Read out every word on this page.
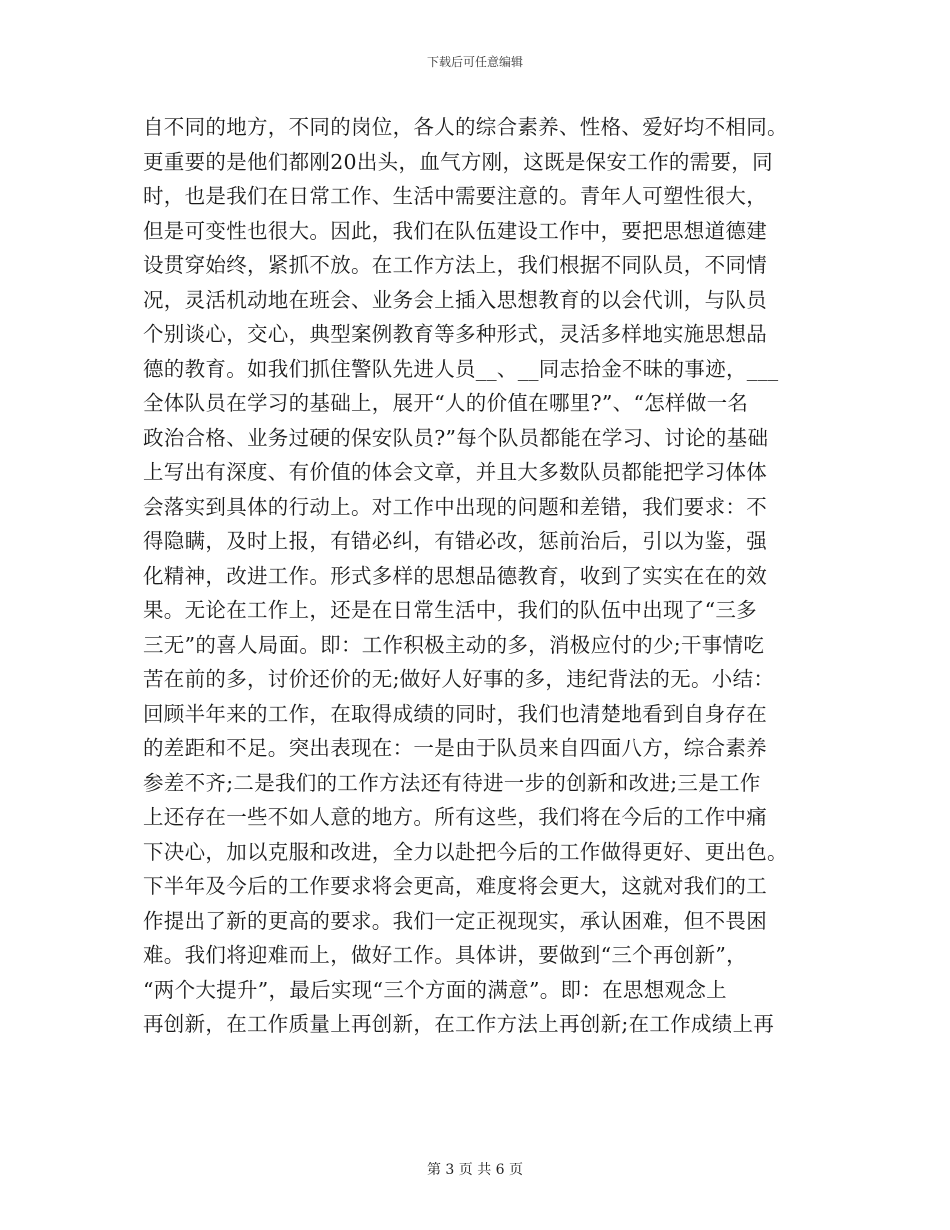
下载后可任意编辑
自不同的地方，不同的岗位，各人的综合素养、性格、爱好均不相同。
更重要的是他们都刚20出头，血气方刚，这既是保安工作的需要，同
时，也是我们在日常工作、生活中需要注意的。青年人可塑性很大，
但是可变性也很大。因此，我们在队伍建设工作中，要把思想道德建
设贯穿始终，紧抓不放。在工作方法上，我们根据不同队员，不同情
况，灵活机动地在班会、业务会上插入思想教育的以会代训，与队员
个别谈心，交心，典型案例教育等多种形式，灵活多样地实施思想品
德的教育。如我们抓住警队先进人员__、__同志拾金不昧的事迹，___
全体队员在学习的基础上，展开“人的价值在哪里?”、“怎样做一名
政治合格、业务过硬的保安队员?”每个队员都能在学习、讨论的基础
上写出有深度、有价值的体会文章，并且大多数队员都能把学习体体
会落实到具体的行动上。对工作中出现的问题和差错，我们要求：不
得隐瞒，及时上报，有错必纠，有错必改，惩前治后，引以为鉴，强
化精神，改进工作。形式多样的思想品德教育，收到了实实在在的效
果。无论在工作上，还是在日常生活中，我们的队伍中出现了“三多
三无”的喜人局面。即：工作积极主动的多，消极应付的少;干事情吃
苦在前的多，讨价还价的无;做好人好事的多，违纪背法的无。小结：
回顾半年来的工作，在取得成绩的同时，我们也清楚地看到自身存在
的差距和不足。突出表现在：一是由于队员来自四面八方，综合素养
参差不齐;二是我们的工作方法还有待进一步的创新和改进;三是工作
上还存在一些不如人意的地方。所有这些，我们将在今后的工作中痛
下决心，加以克服和改进，全力以赴把今后的工作做得更好、更出色。
下半年及今后的工作要求将会更高，难度将会更大，这就对我们的工
作提出了新的更高的要求。我们一定正视现实，承认困难，但不畏困
难。我们将迎难而上，做好工作。具体讲，要做到“三个再创新”，
“两个大提升”，最后实现“三个方面的满意”。即：在思想观念上
再创新，在工作质量上再创新，在工作方法上再创新;在工作成绩上再
第 3 页 共 6 页
